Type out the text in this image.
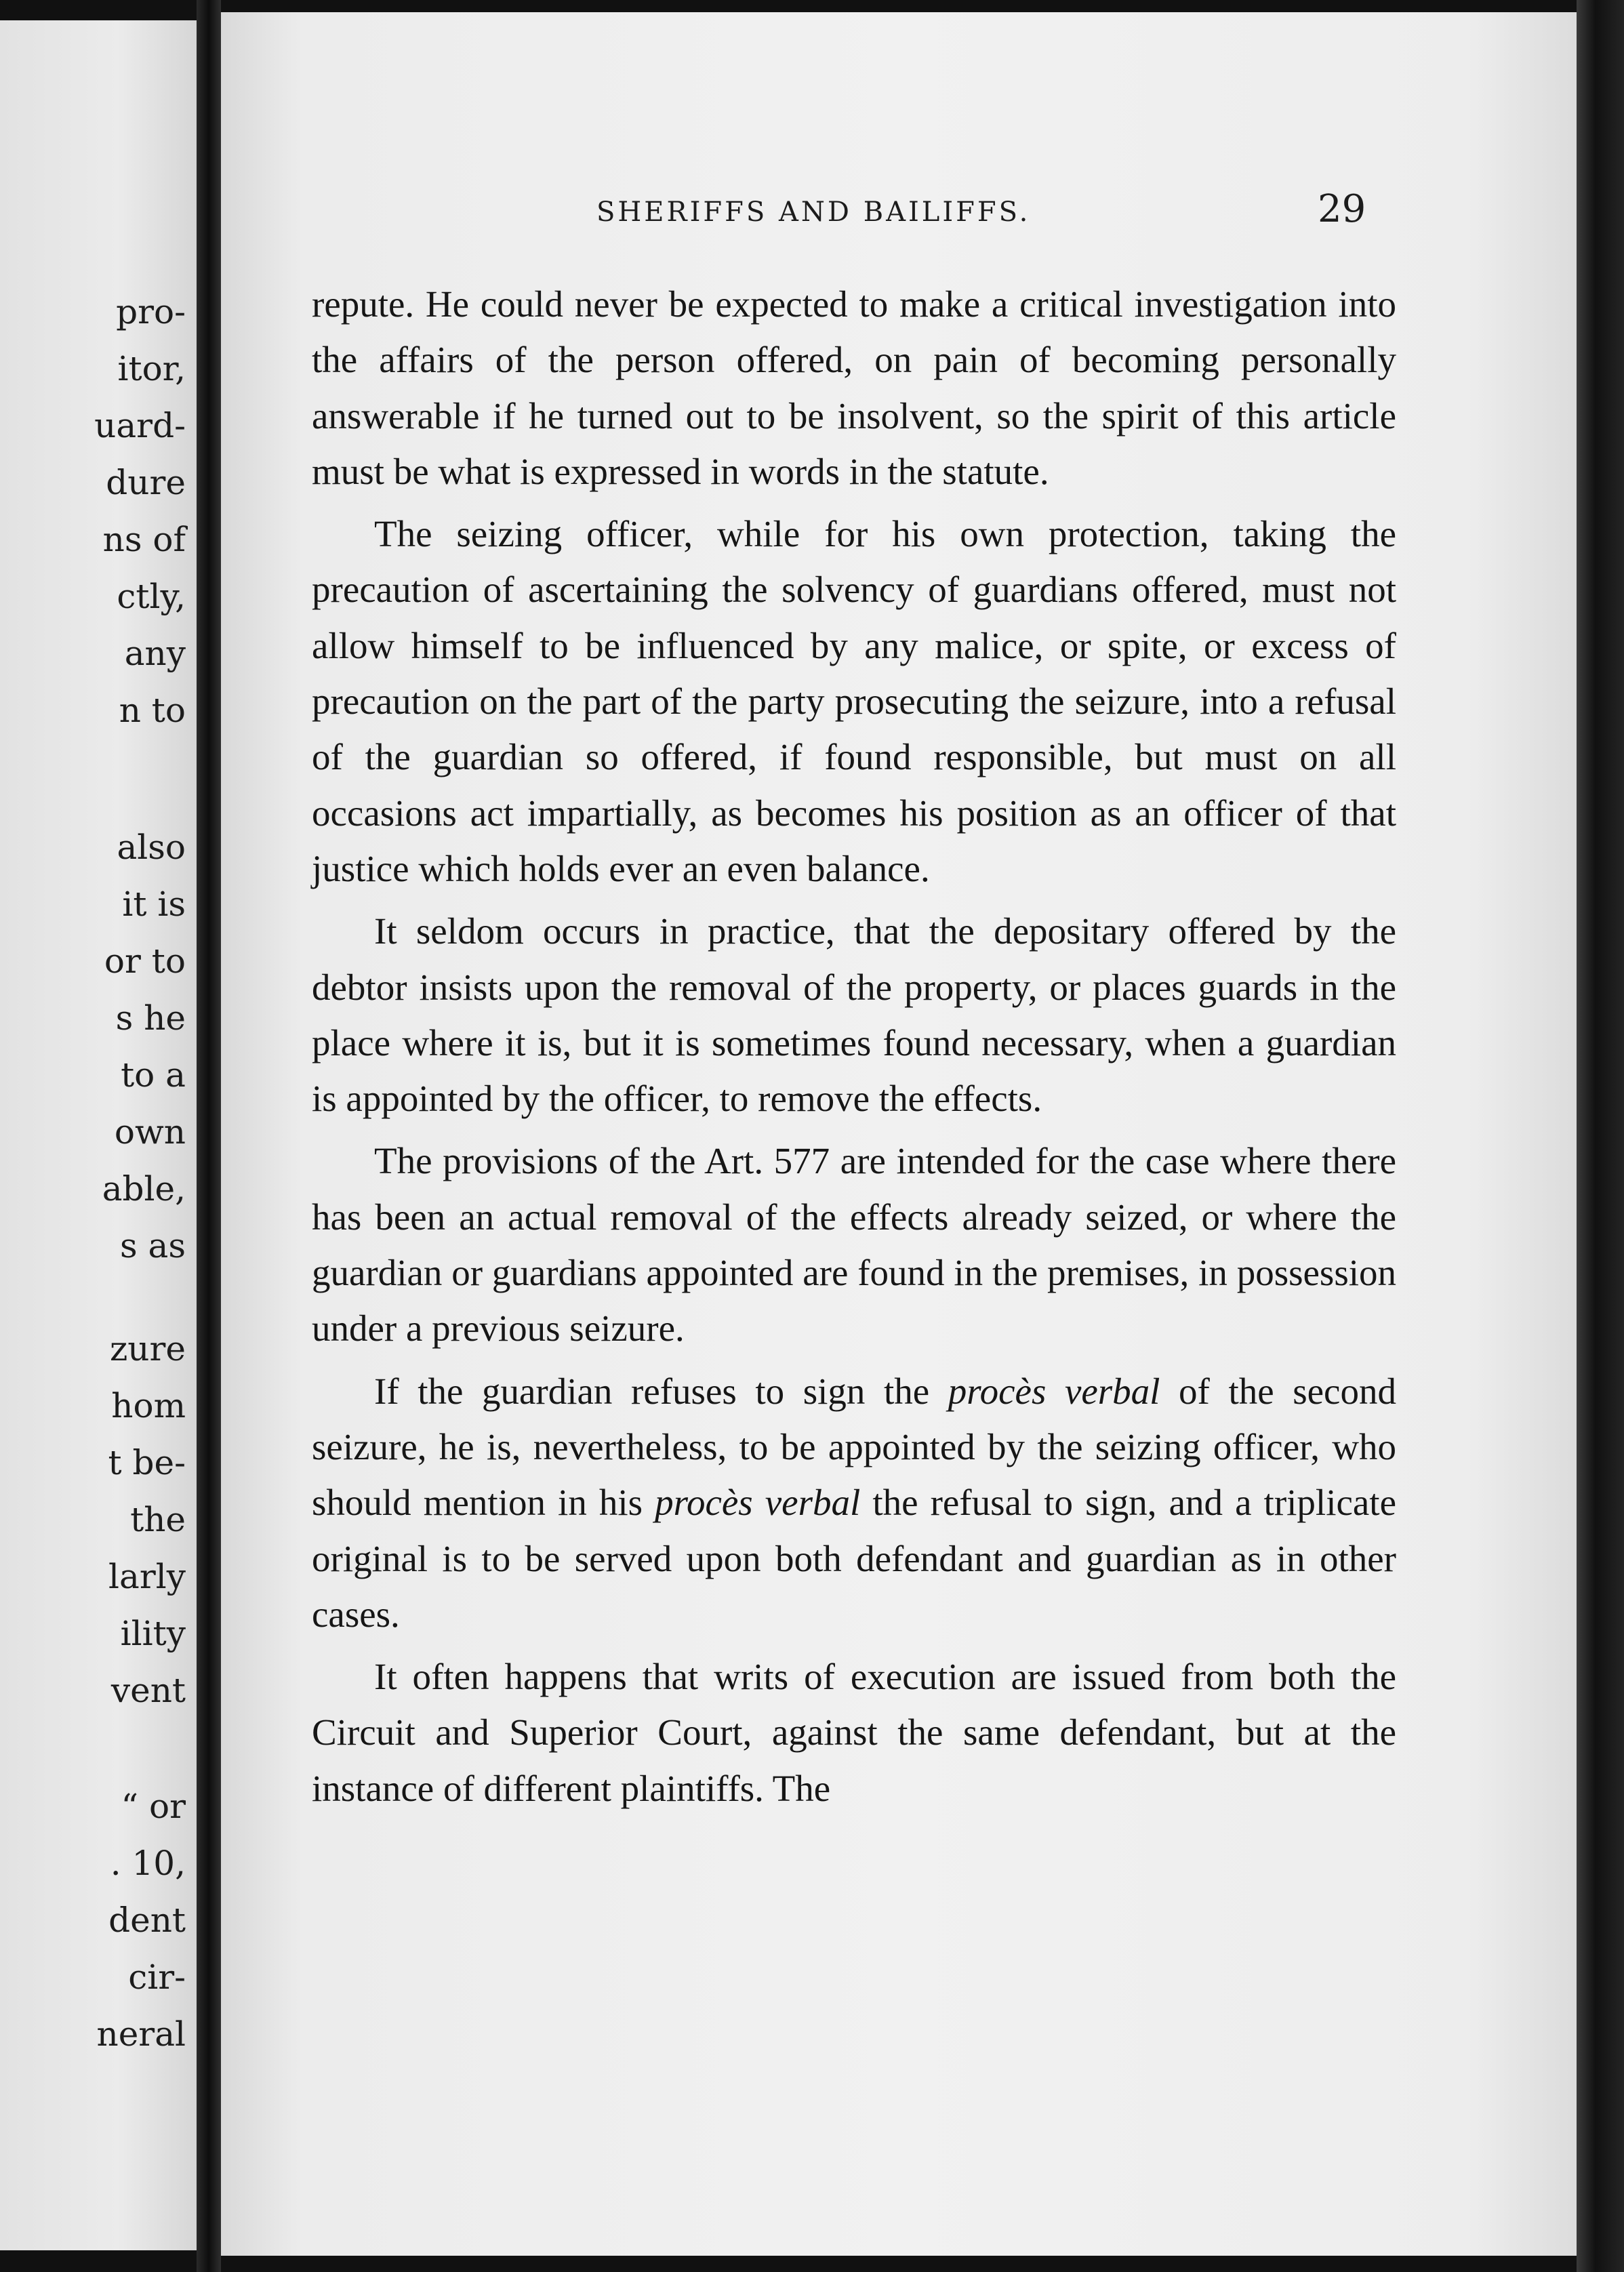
pro-
itor,
uard-
dure
ns of
ctly,
any
n to
also
it is
or to
s he
to a
own
able,
s as
zure
hom
t be-
the
larly
ility
vent
“ or
. 10,
dent
cir-
neral
SHERIFFS AND BAILIFFS.	29

repute. He could never be expected to make a critical investigation into the affairs of the person offered, on pain of becoming personally answerable if he turned out to be insolvent, so the spirit of this article must be what is expressed in words in the statute.

The seizing officer, while for his own protection, taking the precaution of ascertaining the solvency of guardians offered, must not allow himself to be influenced by any malice, or spite, or excess of precaution on the part of the party prosecuting the seizure, into a refusal of the guardian so offered, if found responsible, but must on all occasions act impartially, as becomes his position as an officer of that justice which holds ever an even balance.

It seldom occurs in practice, that the depositary offered by the debtor insists upon the removal of the property, or places guards in the place where it is, but it is sometimes found necessary, when a guardian is appointed by the officer, to remove the effects.

The provisions of the Art. 577 are intended for the case where there has been an actual removal of the effects already seized, or where the guardian or guardians appointed are found in the premises, in possession under a previous seizure.

If the guardian refuses to sign the procès verbal of the second seizure, he is, nevertheless, to be appointed by the seizing officer, who should mention in his procès verbal the refusal to sign, and a triplicate original is to be served upon both defendant and guardian as in other cases.

It often happens that writs of execution are issued from both the Circuit and Superior Court, against the same defendant, but at the instance of different plaintiffs. The
